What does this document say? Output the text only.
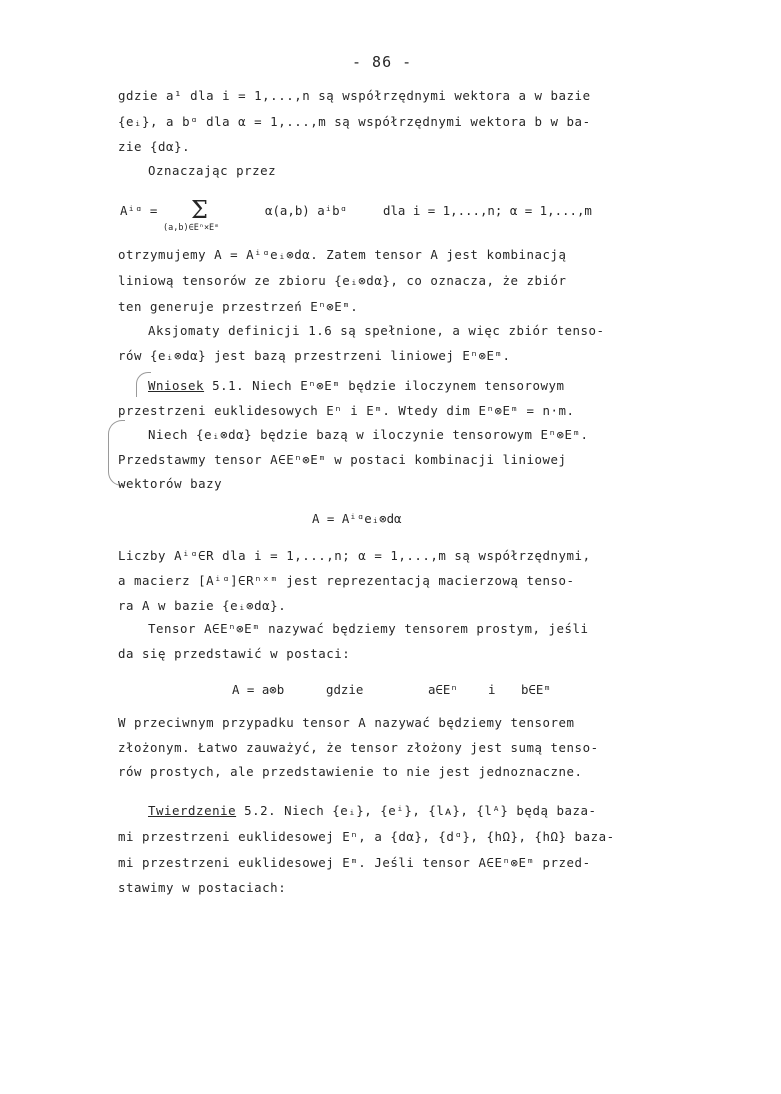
- 86 -
gdzie a¹ dla i = 1,...,n są współrzędnymi wektora a w bazie
{eᵢ}, a bᵅ dla α = 1,...,m są współrzędnymi wektora b w ba-
zie {dα}.
Oznaczając przez
Aⁱᵅ = Σ
(a,b)∈Eⁿ×Eᵐ
α(a,b) aⁱbᵅ	dla i = 1,...,n; α = 1,...,m
otrzymujemy A = Aⁱᵅeᵢ⊗dα. Zatem tensor A jest kombinacją
liniową tensorów ze zbioru {eᵢ⊗dα}, co oznacza, że zbiór
ten generuje przestrzeń Eⁿ⊗Eᵐ.
Aksjomaty definicji 1.6 są spełnione, a więc zbiór tenso-
rów {eᵢ⊗dα} jest bazą przestrzeni liniowej Eⁿ⊗Eᵐ.
Wniosek 5.1. Niech Eⁿ⊗Eᵐ będzie iloczynem tensorowym
przestrzeni euklidesowych Eⁿ i Eᵐ. Wtedy dim Eⁿ⊗Eᵐ = n·m.
Niech {eᵢ⊗dα} będzie bazą w iloczynie tensorowym Eⁿ⊗Eᵐ.
Przedstawmy tensor A∈Eⁿ⊗Eᵐ w postaci kombinacji liniowej
wektorów bazy
A = Aⁱᵅeᵢ⊗dα
Liczby Aⁱᵅ∈R dla i = 1,...,n; α = 1,...,m są współrzędnymi,
a macierz [Aⁱᵅ]∈Rⁿˣᵐ jest reprezentacją macierzową tenso-
ra A w bazie {eᵢ⊗dα}.
Tensor A∈Eⁿ⊗Eᵐ nazywać będziemy tensorem prostym, jeśli
da się przedstawić w postaci:
A = a⊗b	gdzie	a∈Eⁿ i b∈Eᵐ
W przeciwnym przypadku tensor A nazywać będziemy tensorem
złożonym. Łatwo zauważyć, że tensor złożony jest sumą tenso-
rów prostych, ale przedstawienie to nie jest jednoznaczne.
Twierdzenie 5.2. Niech {eᵢ}, {eⁱ}, {lᴀ}, {lᴬ} będą baza-
mi przestrzeni euklidesowej Eⁿ, a {dα}, {dᵅ}, {hΩ}, {hΩ} baza-
mi przestrzeni euklidesowej Eᵐ. Jeśli tensor A∈Eⁿ⊗Eᵐ przed-
stawimy w postaciach:
